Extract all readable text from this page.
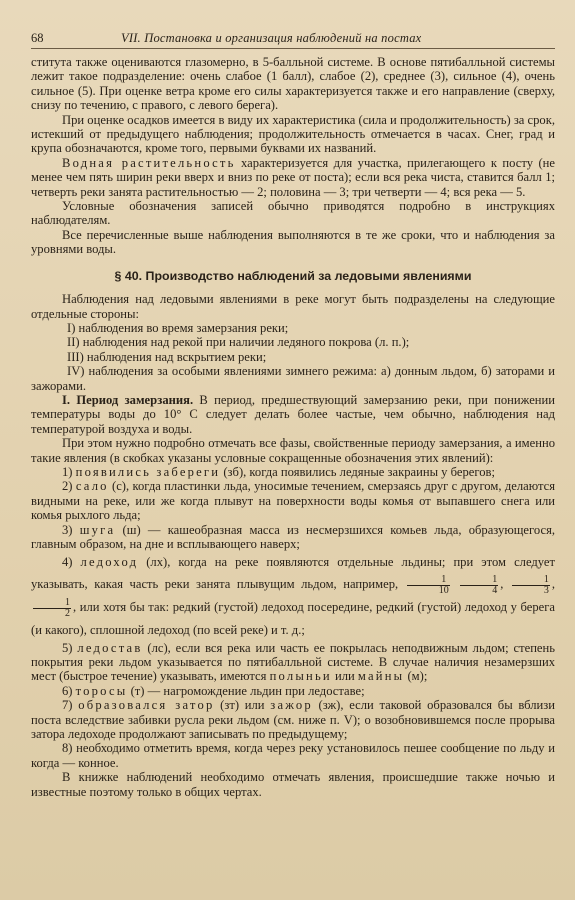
68	VII. Постановка и организация наблюдений на постах

ститута также оцениваются глазомерно, в 5-балльной системе. В основе пятибалльной системы лежит такое подразделение: очень слабое (1 балл), слабое (2), среднее (3), сильное (4), очень сильное (5). При оценке ветра кроме его силы характеризуется также и его направление (сверху, снизу по течению, с правого, с левого берега).

При оценке осадков имеется в виду их характеристика (сила и продолжительность) за срок, истекший от предыдущего наблюдения; продолжительность отмечается в часах. Снег, град и крупа обозначаются, кроме того, первыми буквами их названий.

Водная растительность характеризуется для участка, прилегающего к посту (не менее чем пять ширин реки вверх и вниз по реке от поста); если вся река чиста, ставится балл 1; четверть реки занята растительностью — 2; половина — 3; три четверти — 4; вся река — 5.

Условные обозначения записей обычно приводятся подробно в инструкциях наблюдателям.

Все перечисленные выше наблюдения выполняются в те же сроки, что и наблюдения за уровнями воды.

§ 40. Производство наблюдений за ледовыми явлениями

Наблюдения над ледовыми явлениями в реке могут быть подразделены на следующие отдельные стороны:

I) наблюдения во время замерзания реки;

II) наблюдения над рекой при наличии ледяного покрова (л. п.);

III) наблюдения над вскрытием реки;

IV) наблюдения за особыми явлениями зимнего режима: а) донным льдом, б) заторами и зажорами.

I. Период замерзания. В период, предшествующий замерзанию реки, при понижении температуры воды до 10° С следует делать более частые, чем обычно, наблюдения над температурой воздуха и воды.

При этом нужно подробно отмечать все фазы, свойственные периоду замерзания, а именно такие явления (в скобках указаны условные сокращенные обозначения этих явлений):

1) появились забереги (зб), когда появились ледяные закраины у берегов;

2) сало (с), когда пластинки льда, уносимые течением, смерзаясь друг с другом, делаются видными на реке, или же когда плывут на поверхности воды комья от выпавшего снега или комья рыхлого льда;

3) шуга (ш) — кашеобразная масса из несмерзшихся комьев льда, образующегося, главным образом, на дне и всплывающего наверх;

4) ледоход (лх), когда на реке появляются отдельные льдины; при этом следует указывать, какая часть реки занята плывущим льдом, например, $\frac{1}{10}$
$\frac{1}{4}$ , $\frac{1}{3}$ ,
$\frac{1}{2}$ , или хотя бы так: редкий (густой) ледоход посередине, редкий (густой) ледоход у берега (и какого), сплошной ледоход (по всей реке) и т. д.;

5) ледостав (лс), если вся река или часть ее покрылась неподвижным льдом; степень покрытия реки льдом указывается по пятибалльной системе. В случае наличия незамерзших мест (быстрое течение) указывать, имеются полыньи или майны (м);

6) торосы (т) — нагромождение льдин при ледоставе;

7) образовался затор (зт) или зажор (зж), если таковой образовался бы вблизи поста вследствие забивки русла реки льдом (см. ниже п. V); о возобновившемся после прорыва затора ледоходе продолжают записывать по предыдущему;

8) необходимо отметить время, когда через реку установилось пешее сообщение по льду и когда — конное.

В книжке наблюдений необходимо отмечать явления, происшедшие также ночью и известные поэтому только в общих чертах.
